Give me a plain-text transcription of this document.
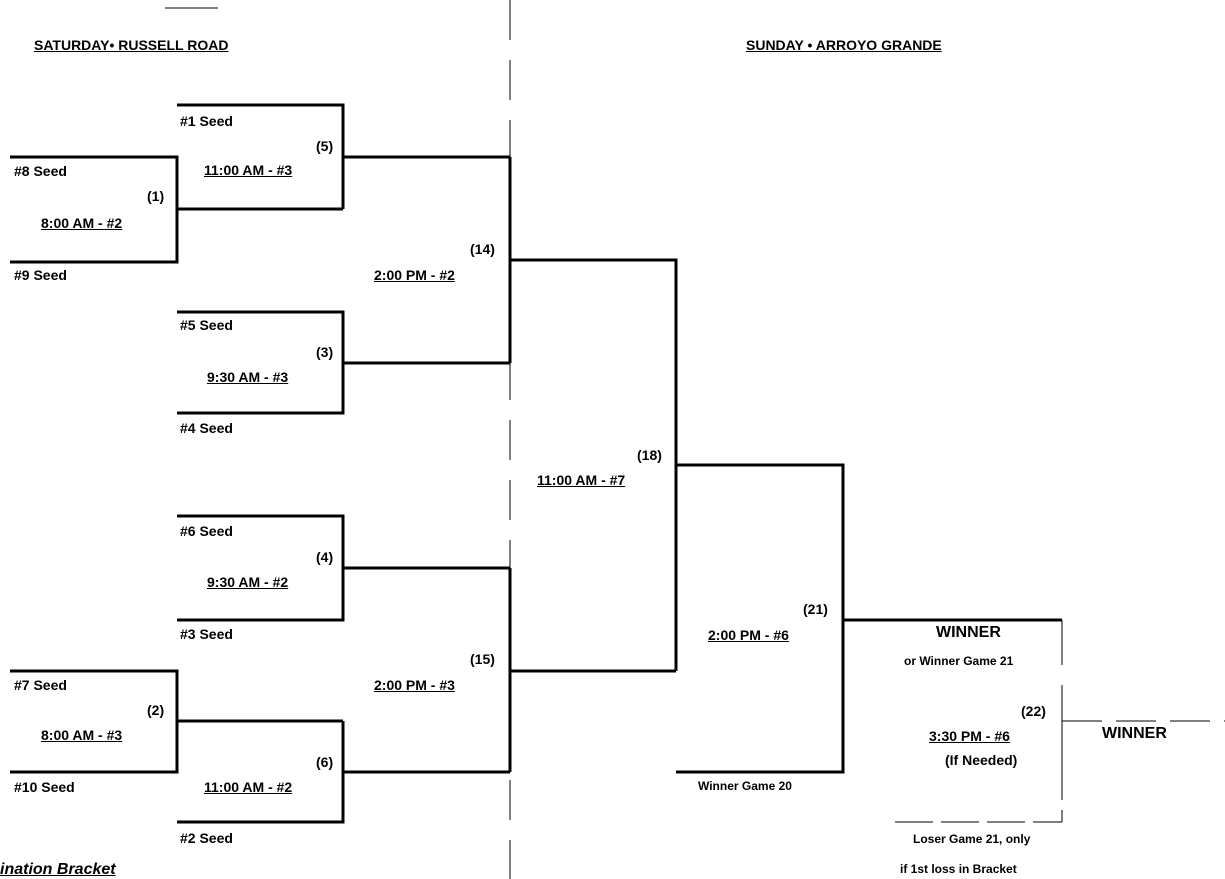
SATURDAY• RUSSELL ROAD	SUNDAY • ARROYO GRANDE
#1 Seed
#8 Seed
#9 Seed
#5 Seed
#4 Seed
#6 Seed
#3 Seed
#7 Seed
#10 Seed
#2 Seed
(1)
8:00 AM - #2
(5)
11:00 AM - #3
(3)
9:30 AM - #3
(14)
2:00 PM - #2
(4)
9:30 AM - #2
(2)
8:00 AM - #3
(6)
11:00 AM - #2
(15)
2:00 PM - #3
(18)
11:00 AM - #7
(21)
2:00 PM - #6
(22)
3:30 PM - #6
(If Needed)
Winner Game 20
WINNER
or Winner Game 21
Loser Game 21, only
if 1st loss in Bracket
WINNER
ination Bracket
